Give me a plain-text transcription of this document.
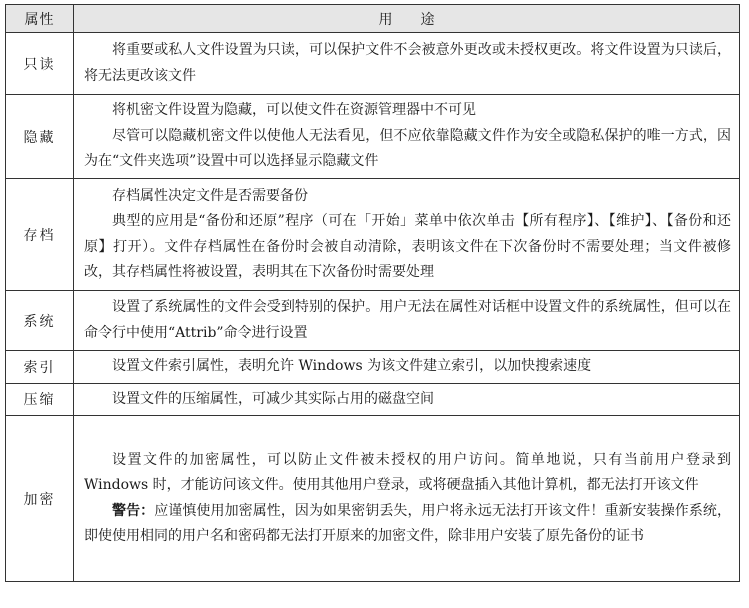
属性	用途
只读	将重要或私人文件设置为只读，可以保护文件不会被意外更改或未授权更改。将文件设置为只读后，将无法更改该文件

隐藏	将机密文件设置为隐藏，可以使文件在资源管理器中不可见

尽管可以隐藏机密文件以使他人无法看见，但不应依靠隐藏文件作为安全或隐私保护的唯一方式，因为在“文件夹选项”设置中可以选择显示隐藏文件

存档	存档属性决定文件是否需要备份

典型的应用是“备份和还原”程序（可在「开始」菜单中依次单击【所有程序】、【维护】、【备份和还原】打开）。文件存档属性在备份时会被自动清除，表明该文件在下次备份时不需要处理；当文件被修改，其存档属性将被设置，表明其在下次备份时需要处理

系统	设置了系统属性的文件会受到特别的保护。用户无法在属性对话框中设置文件的系统属性，但可以在命令行中使用“Attrib”命令进行设置

索引	设置文件索引属性，表明允许 Windows 为该文件建立索引，以加快搜索速度

压缩	设置文件的压缩属性，可减少其实际占用的磁盘空间

加密	设置文件的加密属性，可以防止文件被未授权的用户访问。简单地说，只有当前用户登录到 Windows 时，才能访问该文件。使用其他用户登录，或将硬盘插入其他计算机，都无法打开该文件

警告：应谨慎使用加密属性，因为如果密钥丢失，用户将永远无法打开该文件！重新安装操作系统，即使使用相同的用户名和密码都无法打开原来的加密文件，除非用户安装了原先备份的证书
